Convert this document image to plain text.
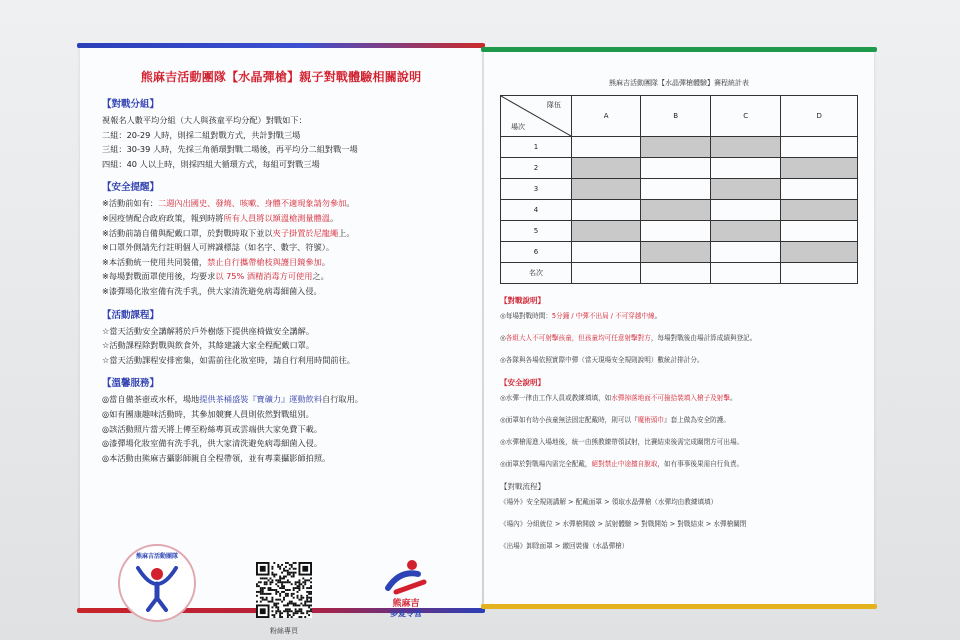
熊麻吉活動團隊【水晶彈槍】親子對戰體驗相關說明
【對戰分組】
視報名人數平均分組（大人與孩童平均分配）對戰如下：
二組：20-29 人時，則採二組對戰方式，共計對戰三場
三組：30-39 人時，先採三角循環對戰二場後，再平均分二組對戰一場
四組：40 人以上時，則採四組大循環方式，每組可對戰三場
【安全提醒】
※活動前如有：二週內出國史、發燒、咳嗽、身體不適現象請勿參加。
※因疫情配合政府政策，報到時將所有人員將以額溫槍測量體溫。
※活動前請自備與配戴口罩，於對戰時取下並以夾子掛置於尼龍繩上。
※口罩外側請先行註明個人可辨識標誌（如名字、數字、符號）。
※本活動統一使用共同裝備，禁止自行攜帶槍枝與護目鏡參加。
※每場對戰面罩使用後，均要求以 75% 酒精消毒方可使用之。
※漆彈場化妝室備有洗手乳，供大家清洗避免病毒細菌入侵。
【活動課程】
☆當天活動安全講解將於戶外樹蔭下提供座椅做安全講解。
☆活動課程除對戰與飲食外，其餘建議大家全程配戴口罩。
☆當天活動課程安排密集，如需前往化妝室時，請自行利用時間前往。
【溫馨服務】
◎當自備茶壺或水杯，場地提供茶桶盛裝『寶礦力』運動飲料自行取用。
◎如有團康趣味活動時，其參加競賽人員則依然對戰組別。
◎該活動照片當天將上傳至粉絲專頁或雲端供大家免費下載。
◎漆彈場化妝室備有洗手乳，供大家清洗避免病毒細菌入侵。
◎本活動由熊麻吉攝影師親自全程帶領，並有專業攝影師拍照。
熊麻吉活動團隊
粉絲專頁
熊麻吉
多夏令營
熊麻吉活動團隊【水晶彈槍體驗】賽程統計表
隊伍
場次	A	B	C	D
1				
2				
3				
4				
5				
6				
名次				
【對戰說明】
◎每場對戰時間：5分鐘 / 中彈不出局 / 不可穿越中線。
◎各組大人不可射擊孩童，但孩童均可任意射擊對方，每場對戰後由場計算成績與登記。
◎各隊與各場依照實際中彈（當天現場安全規則說明）數統計排計分。
【安全說明】
◎水彈一律由工作人員或教練填填，如水彈掉落地面不可撿拾裝填入槍子及射擊。
◎面罩如有幼小孩童無法固定配戴時，則可以『魔術頭巾』套上做為安全防護。
◎水彈槍需進入場地後，統一由熊教練帶領試射，比賽結束後需完成關閉方可出場。
◎面罩於對戰場內需完全配戴，絕對禁止中途擅自脫取，如有事事後果需自行負責。
【對戰流程】
《場外》安全規則講解 > 配戴面罩 > 領取水晶彈槍（水彈均由教練填填）
《場內》分組就位 > 水彈槍開啟 > 試射體驗 > 對戰開始 > 對戰結束 > 水彈槍關閉
《出場》卸除面罩 > 繳回裝備（水晶彈槍）
